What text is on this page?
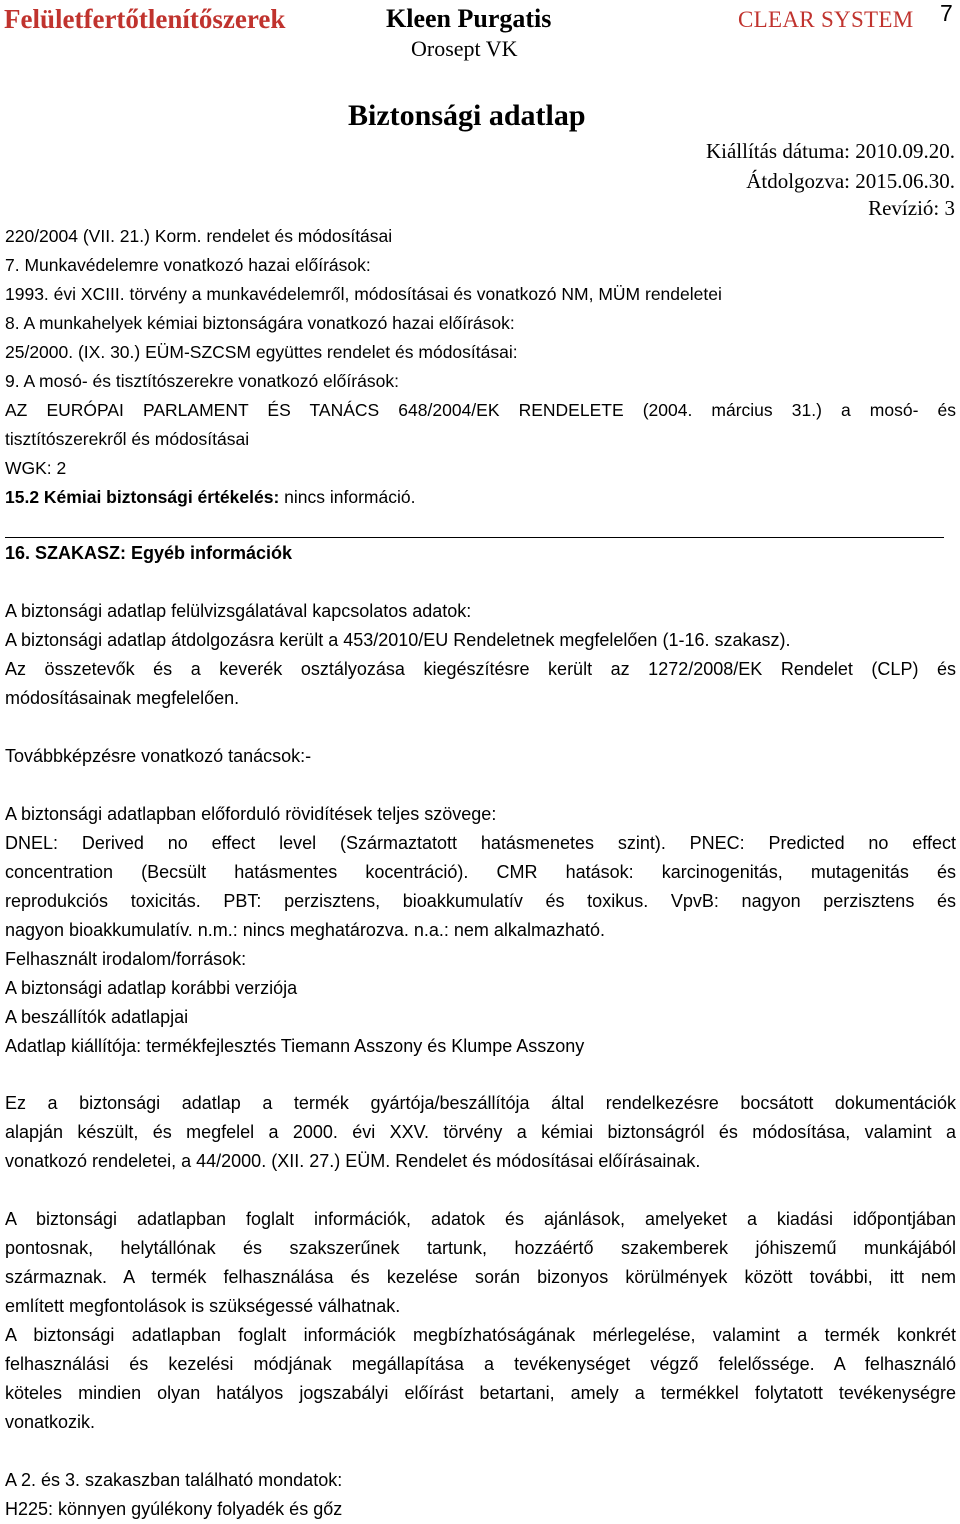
Felületfertőtlenítőszerek	Kleen Purgatis
Orosept VK
CLEAR SYSTEM 7
Biztonsági adatlap
Kiállítás dátuma: 2010.09.20.
Átdolgozva: 2015.06.30.
Revízió: 3
220/2004 (VII. 21.) Korm. rendelet és módosításai
7. Munkavédelemre vonatkozó hazai előírások:
1993. évi XCIII. törvény a munkavédelemről, módosításai és vonatkozó NM, MÜM rendeletei
8. A munkahelyek kémiai biztonságára vonatkozó hazai előírások:
25/2000. (IX. 30.) EÜM-SZCSM együttes rendelet és módosításai:
9. A mosó- és tisztítószerekre vonatkozó előírások:
AZ EURÓPAI PARLAMENT ÉS TANÁCS 648/2004/EK RENDELETE (2004. március 31.) a mosó- és
tisztítószerekről és módosításai
WGK: 2
15.2 Kémiai biztonsági értékelés: nincs információ.
16. SZAKASZ: Egyéb információk
A biztonsági adatlap felülvizsgálatával kapcsolatos adatok:
A biztonsági adatlap átdolgozásra került a 453/2010/EU Rendeletnek megfelelően (1-16. szakasz).
Az összetevők és a keverék osztályozása kiegészítésre került az 1272/2008/EK Rendelet (CLP) és
módosításainak megfelelően.
Továbbképzésre vonatkozó tanácsok:-
A biztonsági adatlapban előforduló rövidítések teljes szövege:
DNEL: Derived no effect level (Származtatott hatásmenetes szint). PNEC: Predicted no effect
concentration (Becsült hatásmentes kocentráció). CMR hatások: karcinogenitás, mutagenitás és
reprodukciós toxicitás. PBT: perzisztens, bioakkumulatív és toxikus. VpvB: nagyon perzisztens és
nagyon bioakkumulatív. n.m.: nincs meghatározva. n.a.: nem alkalmazható.
Felhasznált irodalom/források:
A biztonsági adatlap korábbi verziója
A beszállítók adatlapjai
Adatlap kiállítója: termékfejlesztés Tiemann Asszony és Klumpe Asszony
Ez a biztonsági adatlap a termék gyártója/beszállítója által rendelkezésre bocsátott dokumentációk
alapján készült, és megfelel a 2000. évi XXV. törvény a kémiai biztonságról és módosítása, valamint a
vonatkozó rendeletei, a 44/2000. (XII. 27.) EÜM. Rendelet és módosításai előírásainak.
A biztonsági adatlapban foglalt információk, adatok és ajánlások, amelyeket a kiadási időpontjában
pontosnak, helytállónak és szakszerűnek tartunk, hozzáértő szakemberek jóhiszemű munkájából
származnak. A termék felhasználása és kezelése során bizonyos körülmények között további, itt nem
említett megfontolások is szükségessé válhatnak.
A biztonsági adatlapban foglalt információk megbízhatóságának mérlegelése, valamint a termék konkrét
felhasználási és kezelési módjának megállapítása a tevékenységet végző felelőssége. A felhasználó
köteles mindien olyan hatályos jogszabályi előírást betartani, amely a termékkel folytatott tevékenységre
vonatkozik.
A 2. és 3. szakaszban található mondatok:
H225: könnyen gyúlékony folyadék és gőz
